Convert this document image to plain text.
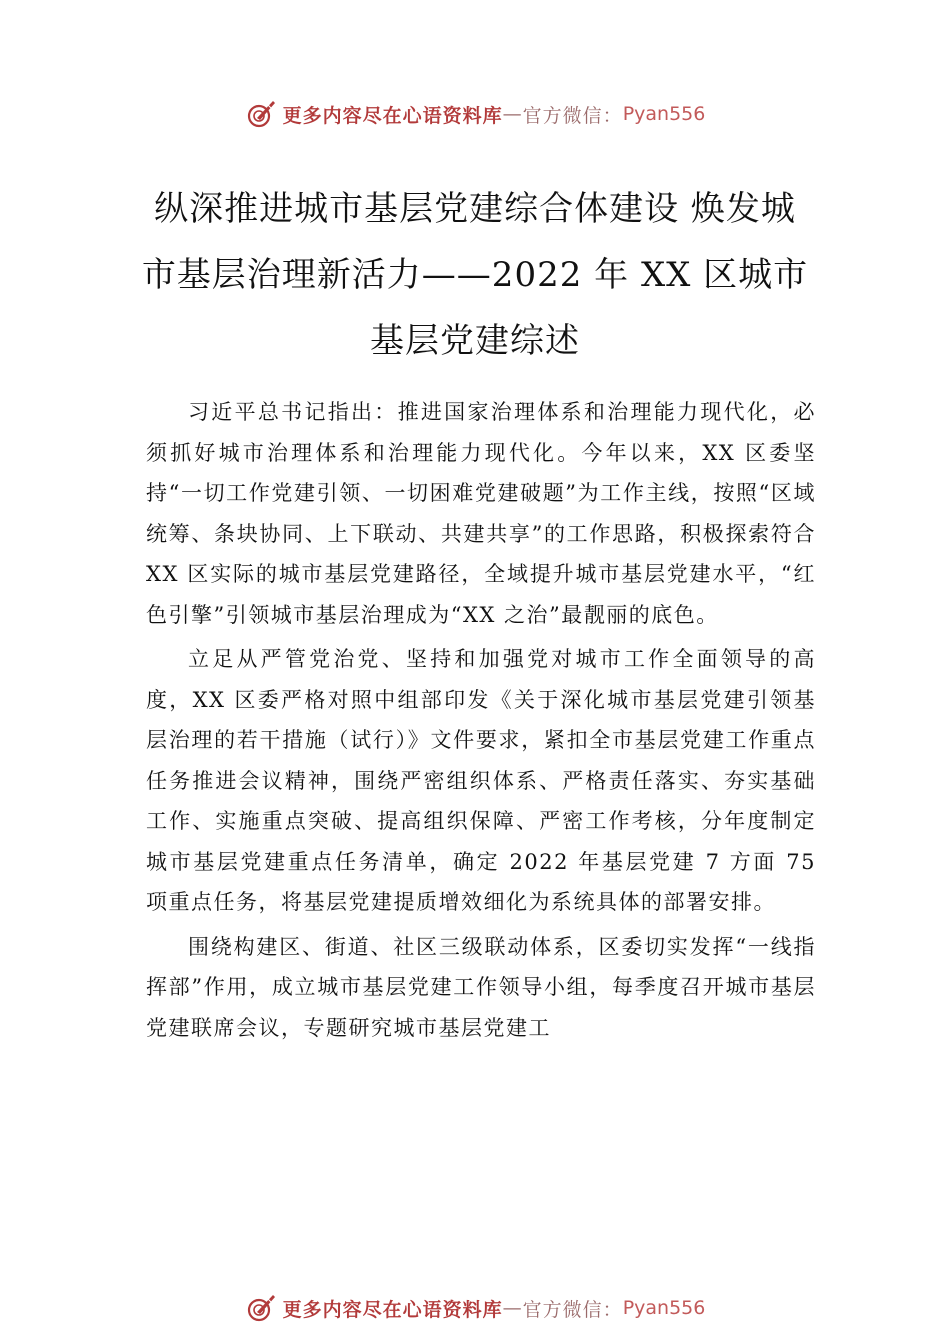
更多内容尽在心语资料库 — 官方微信： Pyan556
纵深推进城市基层党建综合体建设 焕发城市基层治理新活力——2022 年 XX 区城市基层党建综述

习近平总书记指出：推进国家治理体系和治理能力现代化，必须抓好城市治理体系和治理能力现代化。今年以来，XX 区委坚持“一切工作党建引领、一切困难党建破题”为工作主线，按照“区域统筹、条块协同、上下联动、共建共享”的工作思路，积极探索符合 XX 区实际的城市基层党建路径，全域提升城市基层党建水平，“红色引擎”引领城市基层治理成为“XX 之治”最靓丽的底色。

立足从严管党治党、坚持和加强党对城市工作全面领导的高度，XX 区委严格对照中组部印发《关于深化城市基层党建引领基层治理的若干措施（试行）》文件要求，紧扣全市基层党建工作重点任务推进会议精神，围绕严密组织体系、严格责任落实、夯实基础工作、实施重点突破、提高组织保障、严密工作考核，分年度制定城市基层党建重点任务清单，确定 2022 年基层党建 7 方面 75 项重点任务，将基层党建提质增效细化为系统具体的部署安排。

围绕构建区、街道、社区三级联动体系，区委切实发挥“一线指挥部”作用，成立城市基层党建工作领导小组，每季度召开城市基层党建联席会议，专题研究城市基层党建工

更多内容尽在心语资料库 — 官方微信： Pyan556
